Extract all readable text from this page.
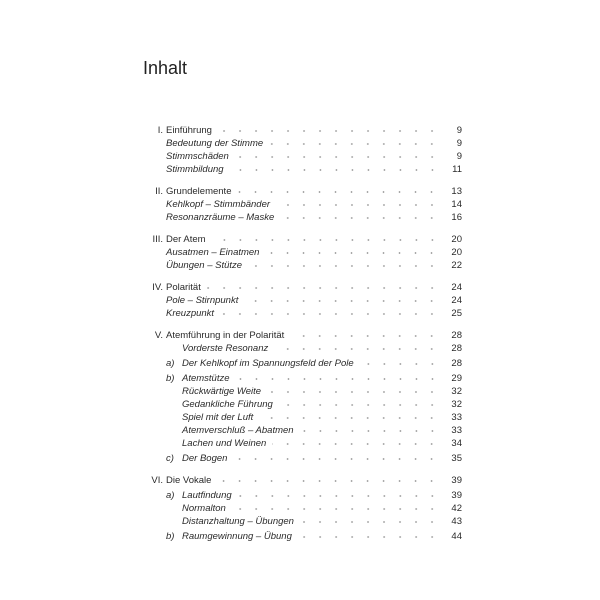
Inhalt
I. Einführung	9
Bedeutung der Stimme	9
Stimmschäden	9
Stimmbildung	11
II. Grundelemente	13
Kehlkopf – Stimmbänder	14
Resonanzräume – Maske	16
III. Der Atem	20
Ausatmen – Einatmen	20
Übungen – Stütze	22
IV. Polarität	24
Pole – Stirnpunkt	24
Kreuzpunkt	25
V. Atemführung in der Polarität	28
Vorderste Resonanz	28
a) Der Kehlkopf im Spannungsfeld der Pole	28
b) Atemstütze	29
Rückwärtige Weite	32
Gedankliche Führung	32
Spiel mit der Luft	33
Atemverschluß – Abatmen	33
Lachen und Weinen	34
c) Der Bogen	35
VI. Die Vokale	39
a) Lautfindung	39
Normalton	42
Distanzhaltung – Übungen	43
b) Raumgewinnung – Übung	44
